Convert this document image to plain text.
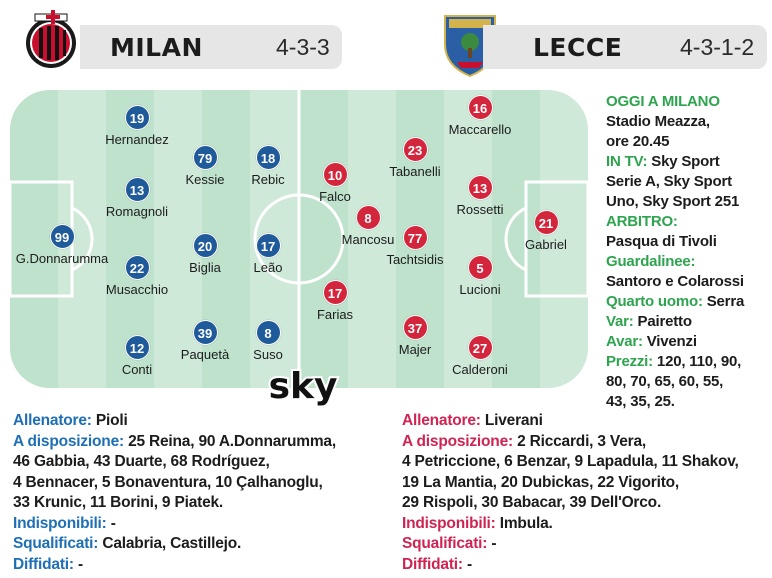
MILAN	4-3-3	LECCE	4-3-1-2
99
G.Donnarumma
19
Hernandez
13
Romagnoli
22
Musacchio
12
Conti
79
Kessie
20
Biglia
39
Paquetà
18
Rebic
17
Leão
8
Suso
21
Gabriel
16
Maccarello
13
Rossetti
5
Lucioni
27
Calderoni
23
Tabanelli
77
Tachtsidis
37
Majer
8
Mancosu
10
Falco
17
Farias
sky
OGGI A MILANO
Stadio Meazza,
ore 20.45
IN TV: Sky Sport
Serie A, Sky Sport
Uno, Sky Sport 251
ARBITRO:
Pasqua di Tivoli
Guardalinee:
Santoro e Colarossi
Quarto uomo: Serra
Var: Pairetto
Avar: Vivenzi
Prezzi: 120, 110, 90,
80, 70, 65, 60, 55,
43, 35, 25.
Allenatore: Pioli
A disposizione: 25 Reina, 90 A.Donnarumma,
46 Gabbia, 43 Duarte, 68 Rodríguez,
4 Bennacer, 5 Bonaventura, 10 Çalhanoglu,
33 Krunic, 11 Borini, 9 Piatek.
Indisponibili: -
Squalificati: Calabria, Castillejo.
Diffidati: -
Allenatore: Liverani
A disposizione: 2 Riccardi, 3 Vera,
4 Petriccione, 6 Benzar, 9 Lapadula, 11 Shakov,
19 La Mantia, 20 Dubickas, 22 Vigorito,
29 Rispoli, 30 Babacar, 39 Dell'Orco.
Indisponibili: Imbula.
Squalificati: -
Diffidati: -
